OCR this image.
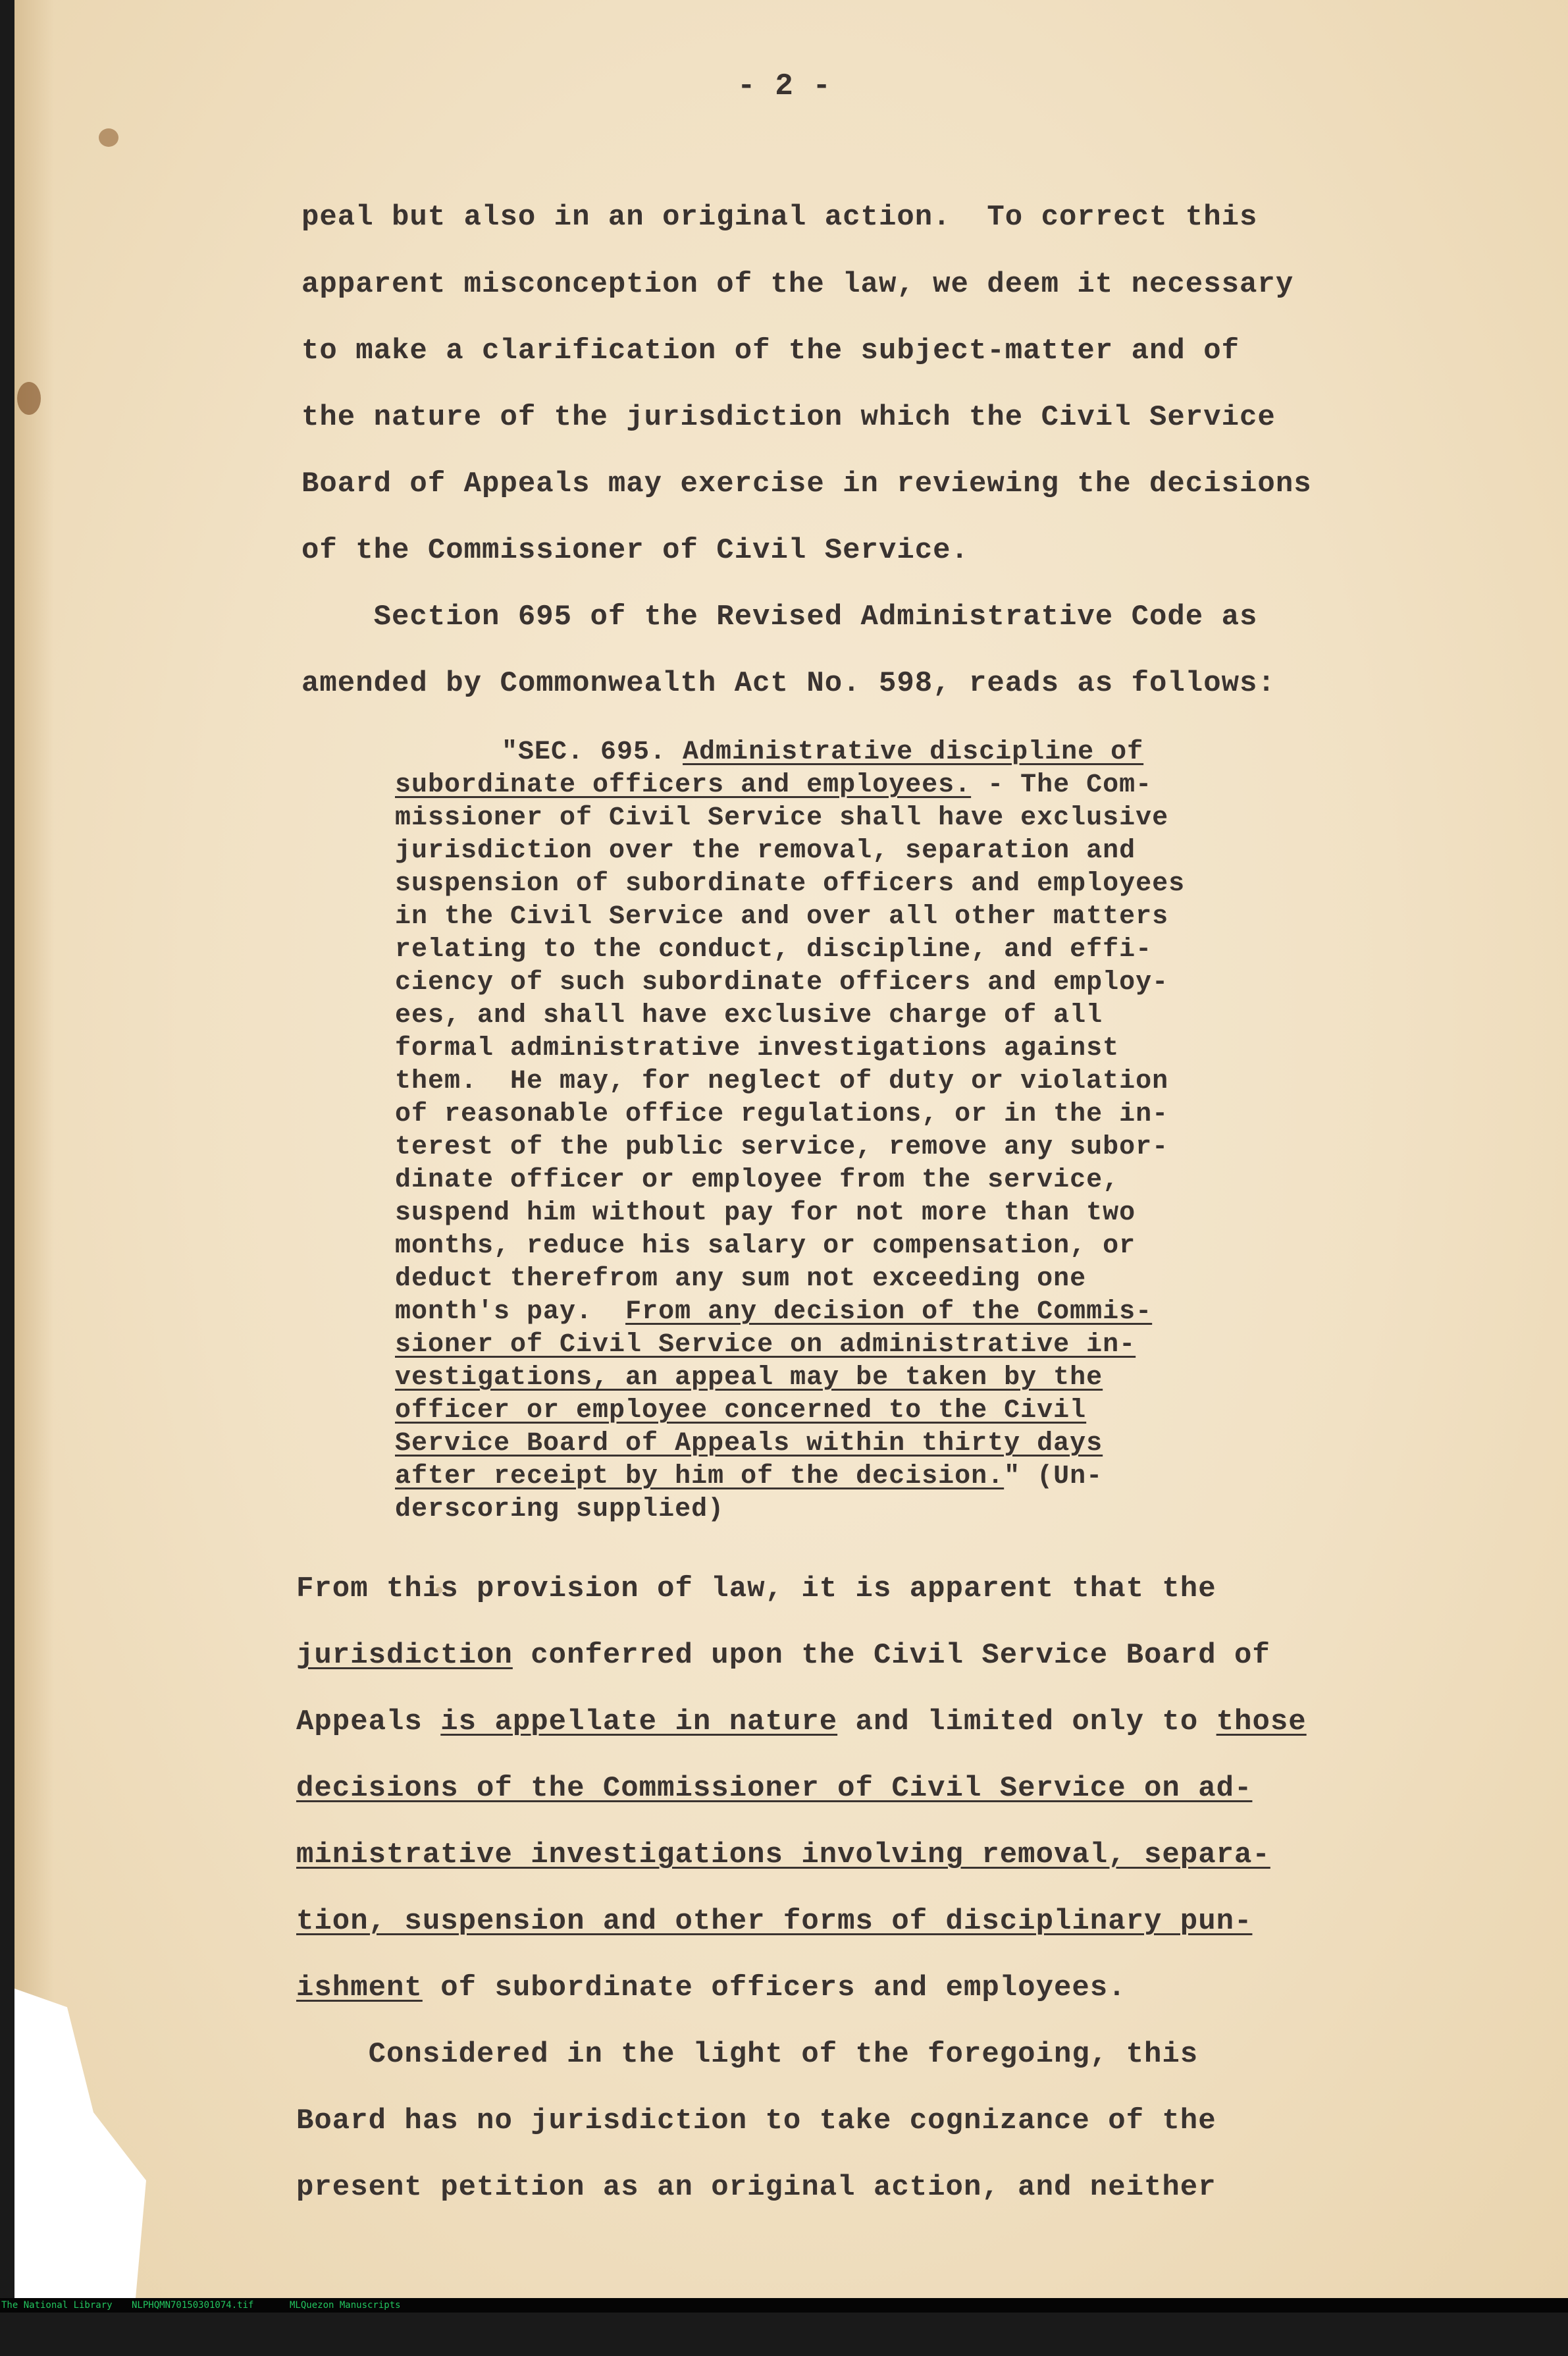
- 2 -
peal but also in an original action.  To correct this
apparent misconception of the law, we deem it necessary
to make a clarification of the subject-matter and of
the nature of the jurisdiction which the Civil Service
Board of Appeals may exercise in reviewing the decisions
of the Commissioner of Civil Service.
Section 695 of the Revised Administrative Code as
amended by Commonwealth Act No. 598, reads as follows:
"SEC. 695. Administrative discipline of
subordinate officers and employees. - The Com-
missioner of Civil Service shall have exclusive
jurisdiction over the removal, separation and
suspension of subordinate officers and employees
in the Civil Service and over all other matters
relating to the conduct, discipline, and effi-
ciency of such subordinate officers and employ-
ees, and shall have exclusive charge of all
formal administrative investigations against
them.  He may, for neglect of duty or violation
of reasonable office regulations, or in the in-
terest of the public service, remove any subor-
dinate officer or employee from the service,
suspend him without pay for not more than two
months, reduce his salary or compensation, or
deduct therefrom any sum not exceeding one
month's pay.  From any decision of the Commis-
sioner of Civil Service on administrative in-
vestigations, an appeal may be taken by the
officer or employee concerned to the Civil
Service Board of Appeals within thirty days
after receipt by him of the decision." (Un-
derscoring supplied)
From this provision of law, it is apparent that the
jurisdiction conferred upon the Civil Service Board of
Appeals is appellate in nature and limited only to those
decisions of the Commissioner of Civil Service on ad-
ministrative investigations involving removal, separa-
tion, suspension and other forms of disciplinary pun-
ishment of subordinate officers and employees.
Considered in the light of the foregoing, this
Board has no jurisdiction to take cognizance of the
present petition as an original action, and neither

The National Library

NLPHQMN70150301074.tif

	MLQuezon Manuscripts
